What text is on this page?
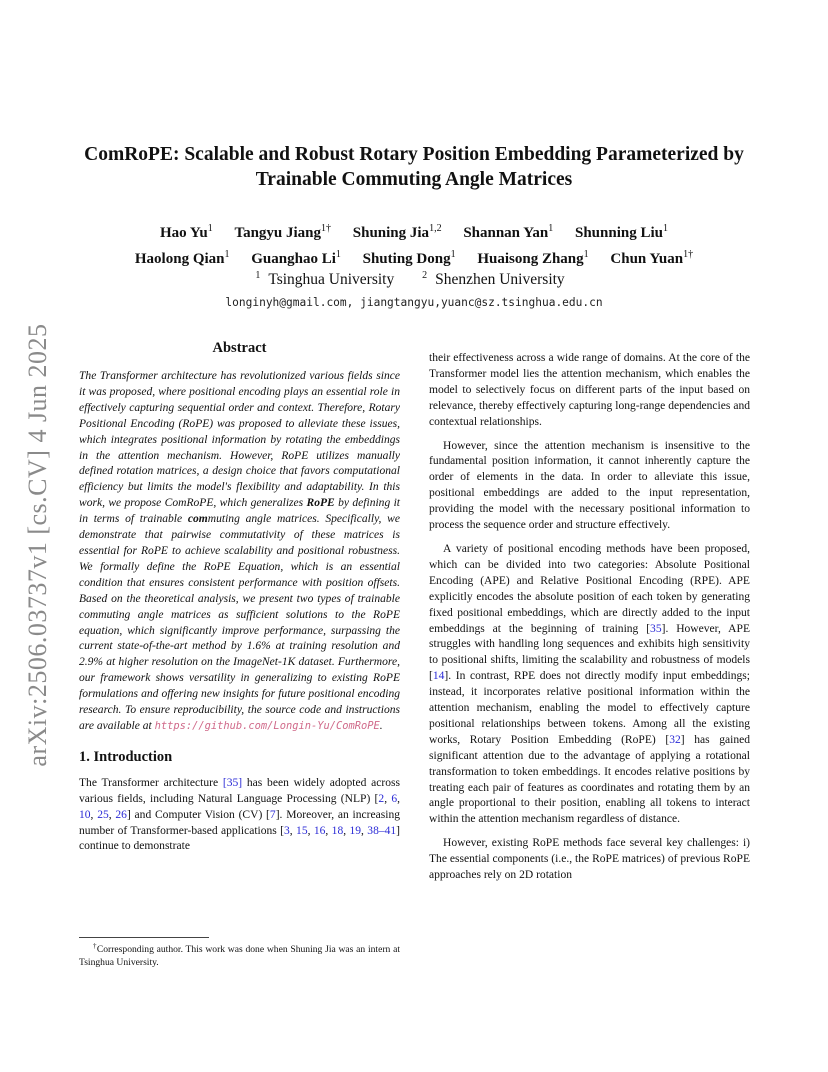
arXiv:2506.03737v1 [cs.CV] 4 Jun 2025
ComRoPE: Scalable and Robust Rotary Position Embedding Parameterized by Trainable Commuting Angle Matrices
Hao Yu$^1$ Tangyu Jiang$^{1\dagger}$ Shuning Jia$^{1,2}$ Shannan Yan$^1$ Shunning Liu$^1$
Haolong Qian$^1$ Guanghao Li$^1$ Shuting Dong$^1$ Huaisong Zhang$^1$ Chun Yuan$^{1\dagger}$
$^1$ Tsinghua University	$^2$ Shenzhen University
longinyh@gmail.com, jiangtangyu,yuanc@sz.tsinghua.edu.cn
Abstract

The Transformer architecture has revolutionized various fields since it was proposed, where positional encoding plays an essential role in effectively capturing sequential order and context. Therefore, Rotary Positional Encoding (RoPE) was proposed to alleviate these issues, which integrates positional information by rotating the embeddings in the attention mechanism. However, RoPE utilizes manually defined rotation matrices, a design choice that favors computational efficiency but limits the model's flexibility and adaptability. In this work, we propose ComRoPE, which generalizes RoPE by defining it in terms of trainable commuting angle matrices. Specifically, we demonstrate that pairwise commutativity of these matrices is essential for RoPE to achieve scalability and positional robustness. We formally define the RoPE Equation, which is an essential condition that ensures consistent performance with position offsets. Based on the theoretical analysis, we present two types of trainable commuting angle matrices as sufficient solutions to the RoPE equation, which significantly improve performance, surpassing the current state-of-the-art method by 1.6% at training resolution and 2.9% at higher resolution on the ImageNet-1K dataset. Furthermore, our framework shows versatility in generalizing to existing RoPE formulations and offering new insights for future positional encoding research. To ensure reproducibility, the source code and instructions are available at https://github.com/Longin-Yu/ComRoPE.

1. Introduction

The Transformer architecture [35] has been widely adopted across various fields, including Natural Language Processing (NLP) [2, 6, 10, 25, 26] and Computer Vision (CV) [7]. Moreover, an increasing number of Transformer-based applications [3, 15, 16, 18, 19, 38–41] continue to demonstrate

their effectiveness across a wide range of domains. At the core of the Transformer model lies the attention mechanism, which enables the model to selectively focus on different parts of the input based on relevance, thereby effectively capturing long-range dependencies and contextual relationships.

However, since the attention mechanism is insensitive to the fundamental position information, it cannot inherently capture the order of elements in the data. In order to alleviate this issue, positional embeddings are added to the input representation, providing the model with the necessary positional information to process the sequence order and structure effectively.

A variety of positional encoding methods have been proposed, which can be divided into two categories: Absolute Positional Encoding (APE) and Relative Positional Encoding (RPE). APE explicitly encodes the absolute position of each token by generating fixed positional embeddings, which are directly added to the input embeddings at the beginning of training [35]. However, APE struggles with handling long sequences and exhibits high sensitivity to positional shifts, limiting the scalability and robustness of models [14]. In contrast, RPE does not directly modify input embeddings; instead, it incorporates relative positional information within the attention mechanism, enabling the model to effectively capture positional relationships between tokens. Among all the existing works, Rotary Position Embedding (RoPE) [32] has gained significant attention due to the advantage of applying a rotational transformation to token embeddings. It encodes relative positions by treating each pair of features as coordinates and rotating them by an angle proportional to their position, enabling all tokens to interact within the attention mechanism regardless of distance.

However, existing RoPE methods face several key challenges: i) The essential components (i.e., the RoPE matrices) of previous RoPE approaches rely on 2D rotation

†Corresponding author. This work was done when Shuning Jia was an intern at Tsinghua University.
